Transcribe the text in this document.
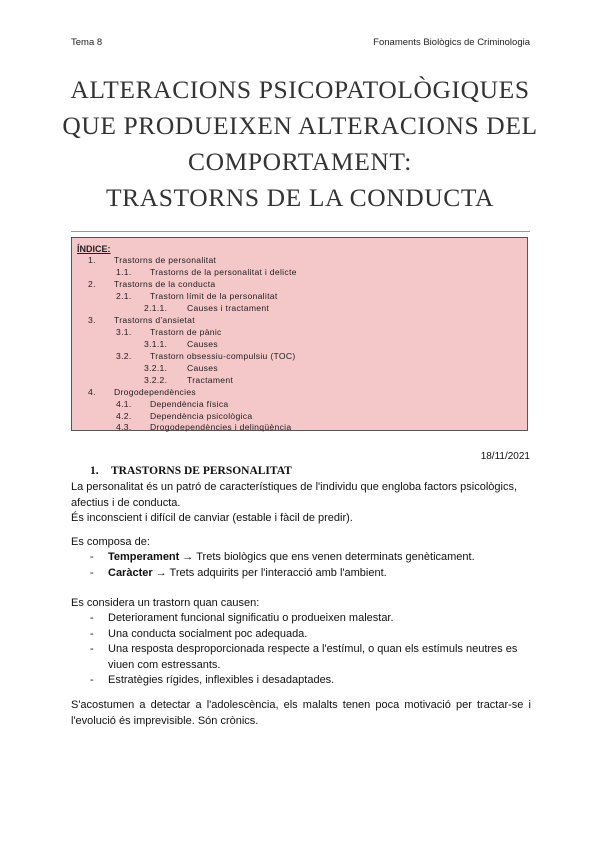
Tema 8	Fonaments Biològics de Criminologia
ALTERACIONS PSICOPATOLÒGIQUES
QUE PRODUEIXEN ALTERACIONS DEL
COMPORTAMENT:
TRASTORNS DE LA CONDUCTA
ÍNDICE:
1. Trastorns de personalitat
1.1. Trastorns de la personalitat i delicte
2. Trastorns de la conducta
2.1. Trastorn límit de la personalitat
2.1.1. Causes i tractament
3. Trastorns d'ansietat
3.1. Trastorn de pànic
3.1.1. Causes
3.2. Trastorn obsessiu-compulsiu (TOC)
3.2.1. Causes
3.2.2. Tractament
4. Drogodependències
4.1. Dependència física
4.2. Dependència psicològica
4.3. Drogodependències i delinqüència
18/11/2021
1. TRASTORNS DE PERSONALITAT

La personalitat és un patró de característiques de l'individu que engloba factors psicològics, afectius i de conducta.

És inconscient i difícil de canviar (estable i fàcil de predir).

Es composa de:
- Temperament → Trets biològics que ens venen determinats genèticament.
- Caràcter → Trets adquirits per l'interacció amb l'ambient.
Es considera un trastorn quan causen:
- Deteriorament funcional significatiu o produeixen malestar.
- Una conducta socialment poc adequada.
- Una resposta desproporcionada respecte a l'estímul, o quan els estímuls neutres es viuen com estressants.
- Estratègies rígides, inflexibles i desadaptades.
S'acostumen a detectar a l'adolescència, els malalts tenen poca motivació per tractar-se i l'evolució és imprevisible. Són crònics.
